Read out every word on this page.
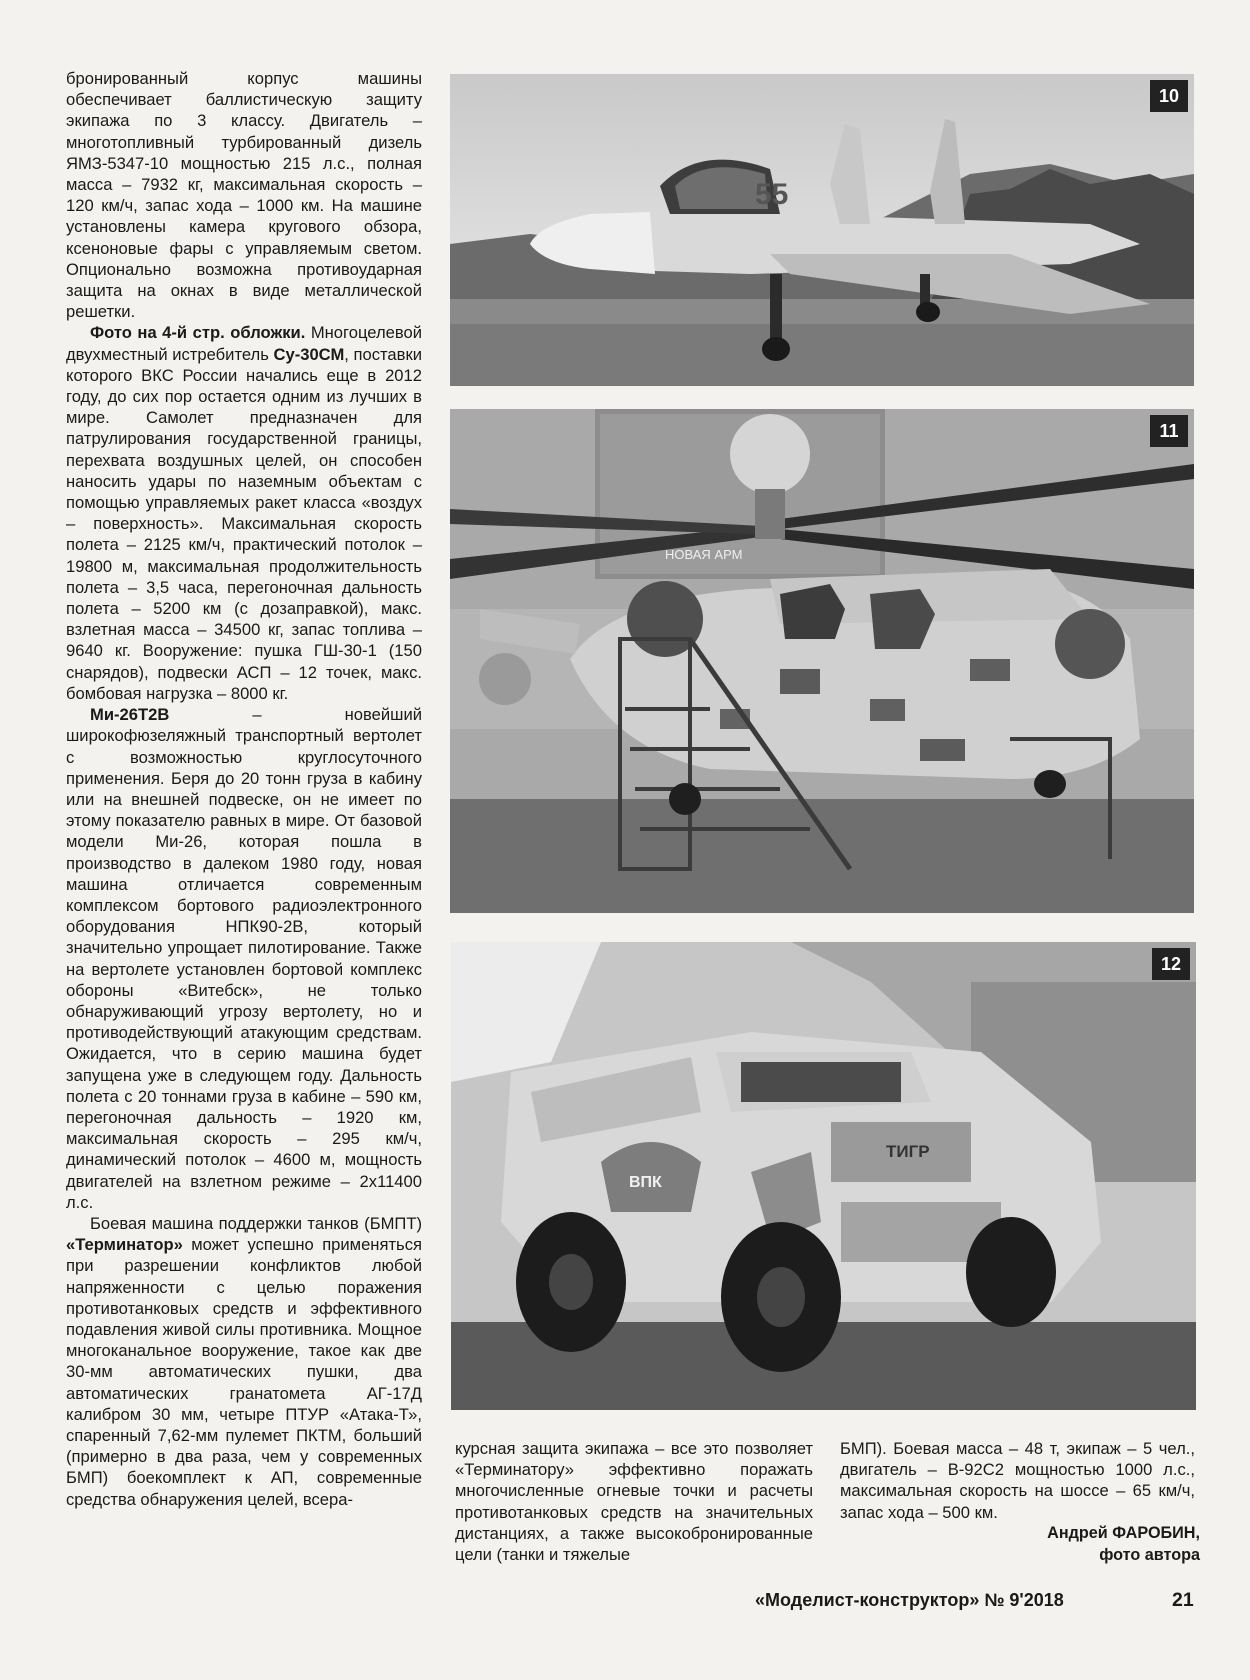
бронированный корпус машины обеспечивает баллистическую защиту экипажа по 3 классу. Двигатель – многотопливный турбированный дизель ЯМЗ-5347-10 мощностью 215 л.с., полная масса – 7932 кг, максимальная скорость – 120 км/ч, запас хода – 1000 км. На машине установлены камера кругового обзора, ксеноновые фары с управляемым светом. Опционально возможна противоударная защита на окнах в виде металлической решетки.

Фото на 4-й стр. обложки. Многоцелевой двухместный истребитель Су-30СМ, поставки которого ВКС России начались еще в 2012 году, до сих пор остается одним из лучших в мире. Самолет предназначен для патрулирования государственной границы, перехвата воздушных целей, он способен наносить удары по наземным объектам с помощью управляемых ракет класса «воздух – поверхность». Максимальная скорость полета – 2125 км/ч, практический потолок – 19800 м, максимальная продолжительность полета – 3,5 часа, перегоночная дальность полета – 5200 км (с дозаправкой), макс. взлетная масса – 34500 кг, запас топлива – 9640 кг. Вооружение: пушка ГШ-30-1 (150 снарядов), подвески АСП – 12 точек, макс. бомбовая нагрузка – 8000 кг.

Ми-26Т2В – новейший широкофюзеляжный транспортный вертолет с возможностью круглосуточного применения. Беря до 20 тонн груза в кабину или на внешней подвеске, он не имеет по этому показателю равных в мире. От базовой модели Ми-26, которая пошла в производство в далеком 1980 году, новая машина отличается современным комплексом бортового радиоэлектронного оборудования НПК90-2В, который значительно упрощает пилотирование. Также на вертолете установлен бортовой комплекс обороны «Витебск», не только обнаруживающий угрозу вертолету, но и противодействующий атакующим средствам. Ожидается, что в серию машина будет запущена уже в следующем году. Дальность полета с 20 тоннами груза в кабине – 590 км, перегоночная дальность – 1920 км, максимальная скорость – 295 км/ч, динамический потолок – 4600 м, мощность двигателей на взлетном режиме – 2х11400 л.с.

Боевая машина поддержки танков (БМПТ) «Терминатор» может успешно применяться при разрешении конфликтов любой напряженности с целью поражения противотанковых средств и эффективного подавления живой силы противника. Мощное многоканальное вооружение, такое как две 30-мм автоматических пушки, два автоматических гранатомета АГ-17Д калибром 30 мм, четыре ПТУР «Атака-Т», спаренный 7,62-мм пулемет ПКТМ, больший (примерно в два раза, чем у современных БМП) боекомплект к АП, современные средства обнаружения целей, всера-

55
10
НОВАЯ АРМ
11
ТИГР
ВПК
12

курсная защита экипажа – все это позволяет «Терминатору» эффективно поражать многочисленные огневые точки и расчеты противотанковых средств на значительных дистанциях, а также высокобронированные цели (танки и тяжелые

БМП). Боевая масса – 48 т, экипаж – 5 чел., двигатель – В-92С2 мощностью 1000 л.с., максимальная скорость на шоссе – 65 км/ч, запас хода – 500 км.

Андрей ФАРОБИН,
фото автора
«Моделист-конструктор» № 9'2018	21
